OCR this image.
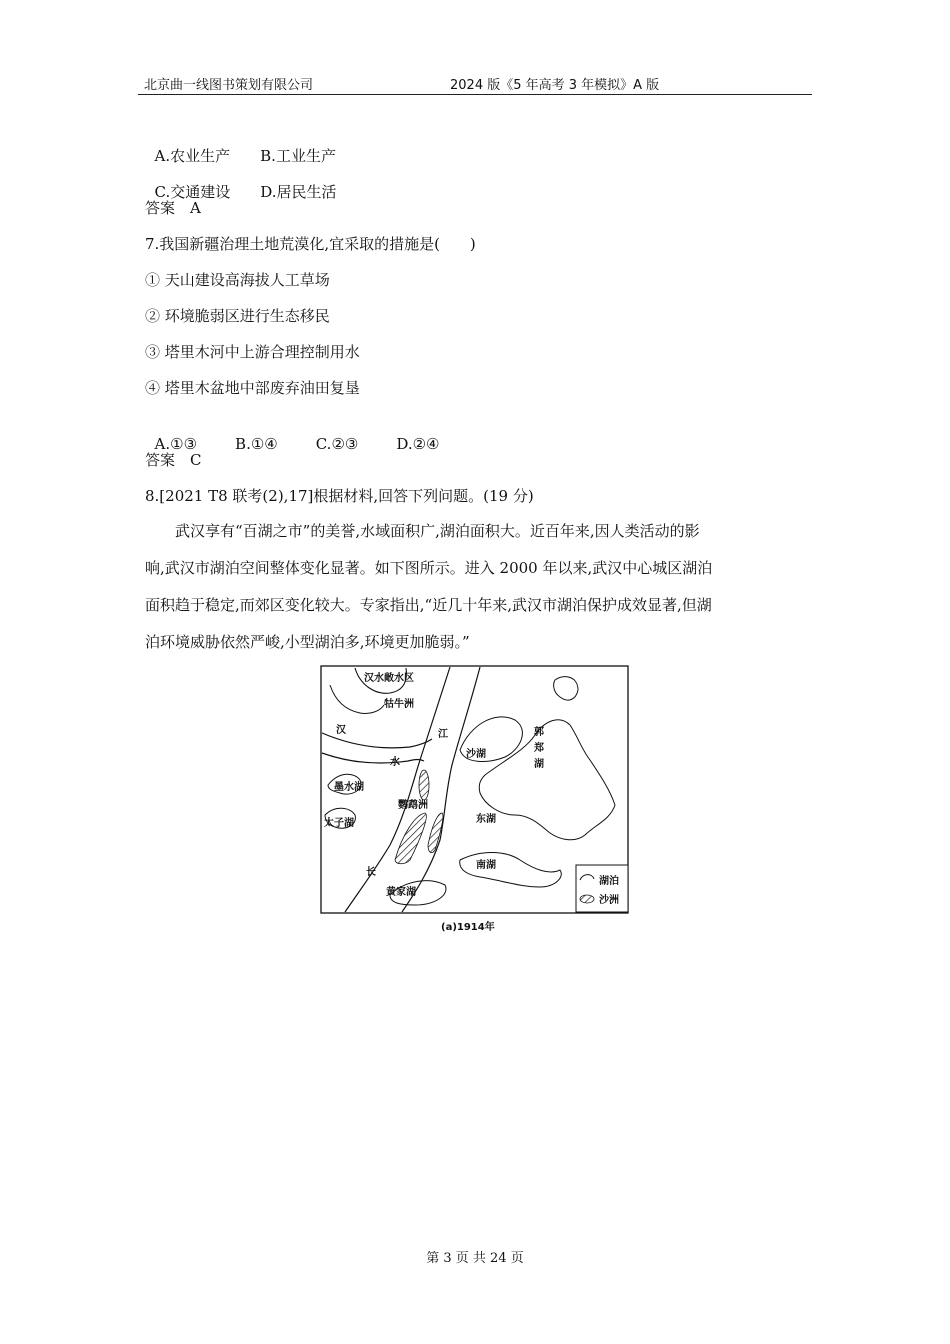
北京曲一线图书策划有限公司	2024 版《5 年高考 3 年模拟》A 版

A.农业生产 B.工业生产

C.交通建设 D.居民生活

答案　A
7.我国新疆治理土地荒漠化,宜采取的措施是(　　)
① 天山建设高海拔人工草场
② 环境脆弱区进行生态移民
③ 塔里木河中上游合理控制用水
④ 塔里木盆地中部废弃油田复垦

A.①③	B.①④	C.②③	D.②④

答案　C
8.[2021 T8 联考(2),17]根据材料,回答下列问题。(19 分)
　　武汉享有“百湖之市”的美誉,水域面积广,湖泊面积大。近百年来,因人类活动的影
响,武汉市湖泊空间整体变化显著。如下图所示。进入 2000 年以来,武汉中心城区湖泊
面积趋于稳定,而郊区变化较大。专家指出,“近几十年来,武汉市湖泊保护成效显著,但湖
泊环境威胁依然严峻,小型湖泊多,环境更加脆弱。”
汉水敞水区
牯牛洲
汉
水
江
沙湖
郭
郑
湖
墨水湖
太子湖
鹦鹉洲
东湖
南湖
长
黄家湖
湖泊
沙洲
(a)1914年
第 3 页 共 24 页
